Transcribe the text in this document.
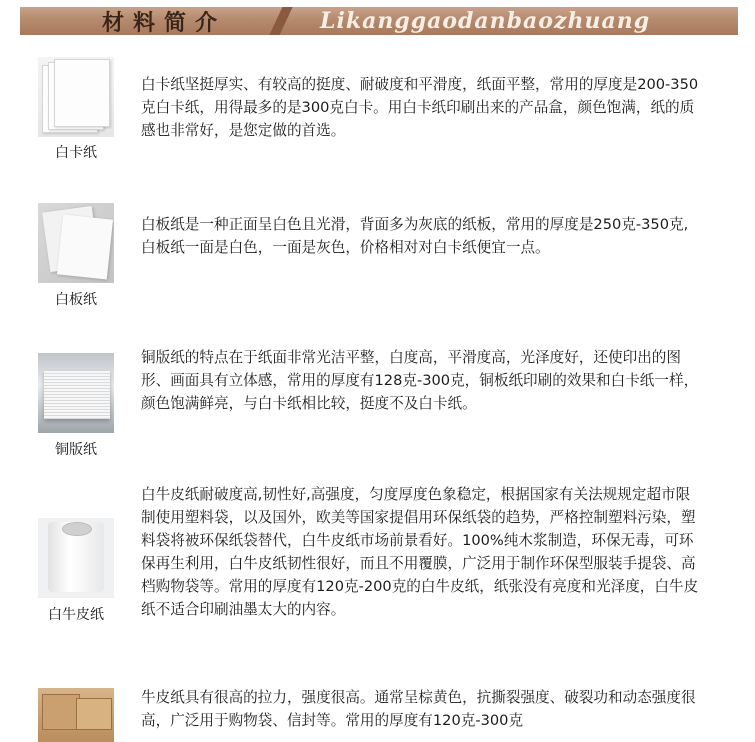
材料简介	Likanggaodanbaozhuang
白卡纸

白卡纸坚挺厚实、有较高的挺度、耐破度和平滑度，纸面平整，常用的厚度是200-350克白卡纸，用得最多的是300克白卡。用白卡纸印刷出来的产品盒，颜色饱满，纸的质感也非常好，是您定做的首选。

白板纸

白板纸是一种正面呈白色且光滑，背面多为灰底的纸板，常用的厚度是250克-350克,白板纸一面是白色，一面是灰色，价格相对对白卡纸便宜一点。

铜版纸

铜版纸的特点在于纸面非常光洁平整，白度高，平滑度高，光泽度好，还使印出的图形、画面具有立体感，常用的厚度有128克-300克，铜板纸印刷的效果和白卡纸一样，颜色饱满鲜亮，与白卡纸相比较，挺度不及白卡纸。

白牛皮纸

白牛皮纸耐破度高,韧性好,高强度，匀度厚度色象稳定，根据国家有关法规规定超市限制使用塑料袋，以及国外，欧美等国家提倡用环保纸袋的趋势，严格控制塑料污染，塑料袋将被环保纸袋替代，白牛皮纸市场前景看好。100%纯木浆制造，环保无毒，可环保再生利用，白牛皮纸韧性很好，而且不用覆膜，广泛用于制作环保型服装手提袋、高档购物袋等。常用的厚度有120克-200克的白牛皮纸，纸张没有亮度和光泽度，白牛皮纸不适合印刷油墨太大的内容。

牛皮纸具有很高的拉力，强度很高。通常呈棕黄色，抗撕裂强度、破裂功和动态强度很高，广泛用于购物袋、信封等。常用的厚度有120克-300克
